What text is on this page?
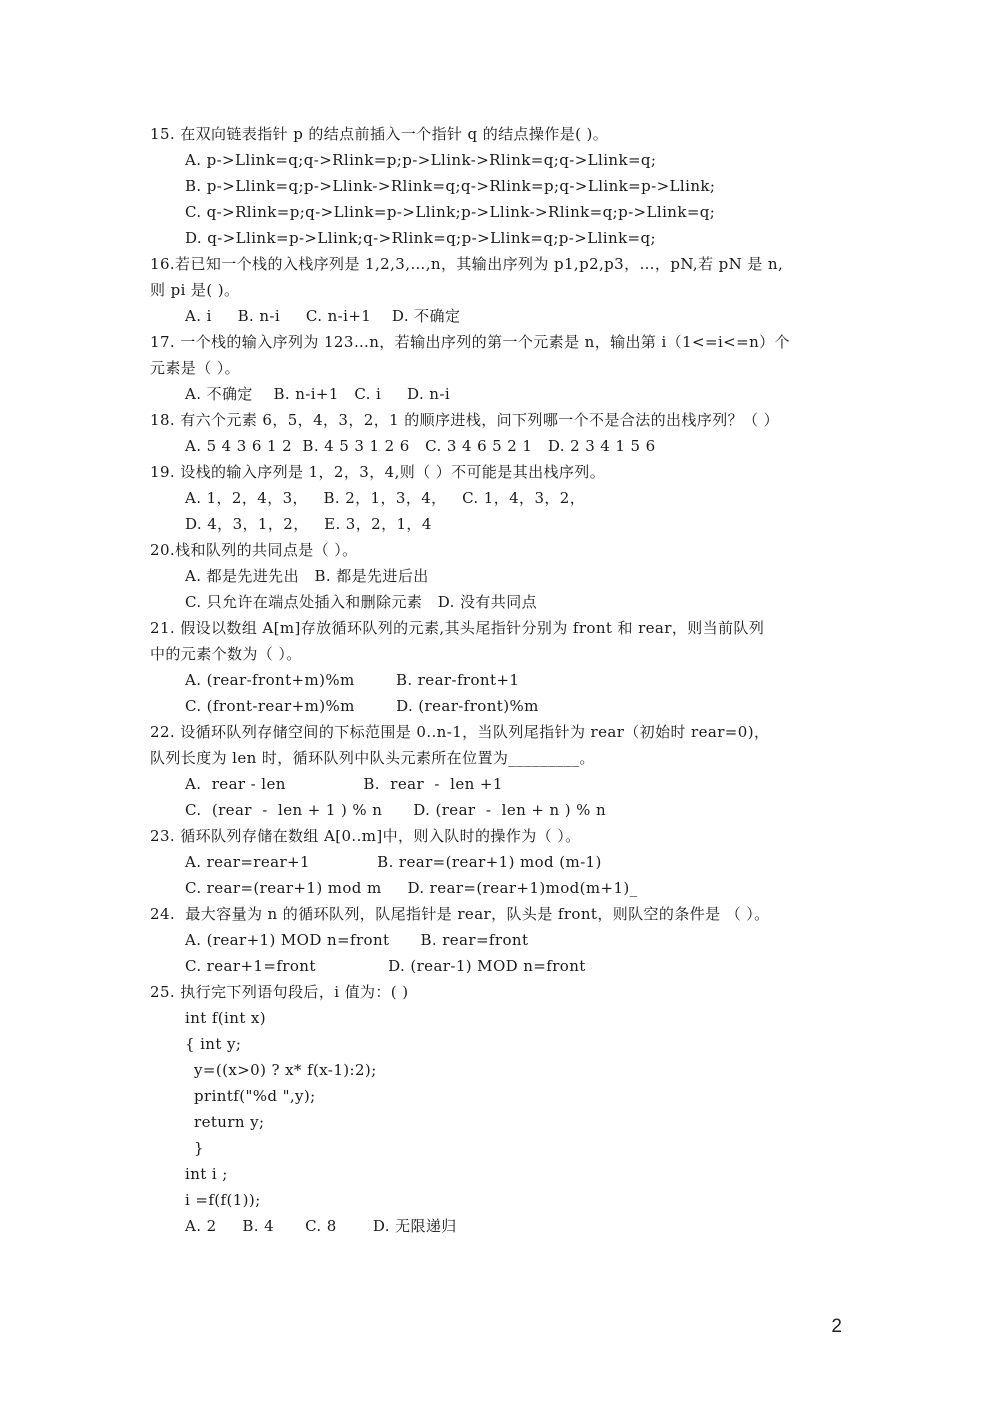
15. 在双向链表指针 p 的结点前插入一个指针 q 的结点操作是( )。
A. p->Llink=q;q->Rlink=p;p->Llink->Rlink=q;q->Llink=q;
B. p->Llink=q;p->Llink->Rlink=q;q->Rlink=p;q->Llink=p->Llink;
C. q->Rlink=p;q->Llink=p->Llink;p->Llink->Rlink=q;p->Llink=q;
D. q->Llink=p->Llink;q->Rlink=q;p->Llink=q;p->Llink=q;
16.若已知一个栈的入栈序列是 1,2,3,…,n，其输出序列为 p1,p2,p3，…，pN,若 pN 是 n,
则 pi 是( )。
A. i     B. n-i     C. n-i+1    D. 不确定
17. 一个栈的输入序列为 123…n，若输出序列的第一个元素是 n，输出第 i（1<=i<=n）个
元素是（ ）。
A. 不确定    B. n-i+1   C. i     D. n-i
18. 有六个元素 6，5，4，3，2，1 的顺序进栈，问下列哪一个不是合法的出栈序列？（ ）
A. 5 4 3 6 1 2  B. 4 5 3 1 2 6   C. 3 4 6 5 2 1   D. 2 3 4 1 5 6
19. 设栈的输入序列是 1，2，3，4,则（ ）不可能是其出栈序列。
A. 1，2，4，3，   B. 2，1，3，4，   C. 1，4，3，2，
D. 4，3，1，2，   E. 3，2，1，4
20.栈和队列的共同点是（ ）。
A. 都是先进先出   B. 都是先进后出
C. 只允许在端点处插入和删除元素   D. 没有共同点
21. 假设以数组 A[m]存放循环队列的元素,其头尾指针分别为 front 和 rear，则当前队列
中的元素个数为（ ）。
A. (rear-front+m)%m        B. rear-front+1
C. (front-rear+m)%m        D. (rear-front)%m
22. 设循环队列存储空间的下标范围是 0..n-1，当队列尾指针为 rear（初始时 rear=0)，
队列长度为 len 时，循环队列中队头元素所在位置为_________。
A.  rear - len               B.  rear  -  len +1
C.  (rear  -  len + 1 ) % n      D. (rear  -  len + n ) % n
23. 循环队列存储在数组 A[0..m]中，则入队时的操作为（ ）。
A. rear=rear+1             B. rear=(rear+1) mod (m-1)
C. rear=(rear+1) mod m     D. rear=(rear+1)mod(m+1)_
24.  最大容量为 n 的循环队列，队尾指针是 rear，队头是 front，则队空的条件是 （ ）。
A. (rear+1) MOD n=front      B. rear=front
C. rear+1=front              D. (rear-1) MOD n=front
25. 执行完下列语句段后，i 值为：( )
int f(int x)
{ int y;
y=((x>0) ? x* f(x-1):2);
printf("%d ",y);
return y;
}
int i ;
i =f(f(1));
A. 2     B. 4      C. 8       D. 无限递归
2
